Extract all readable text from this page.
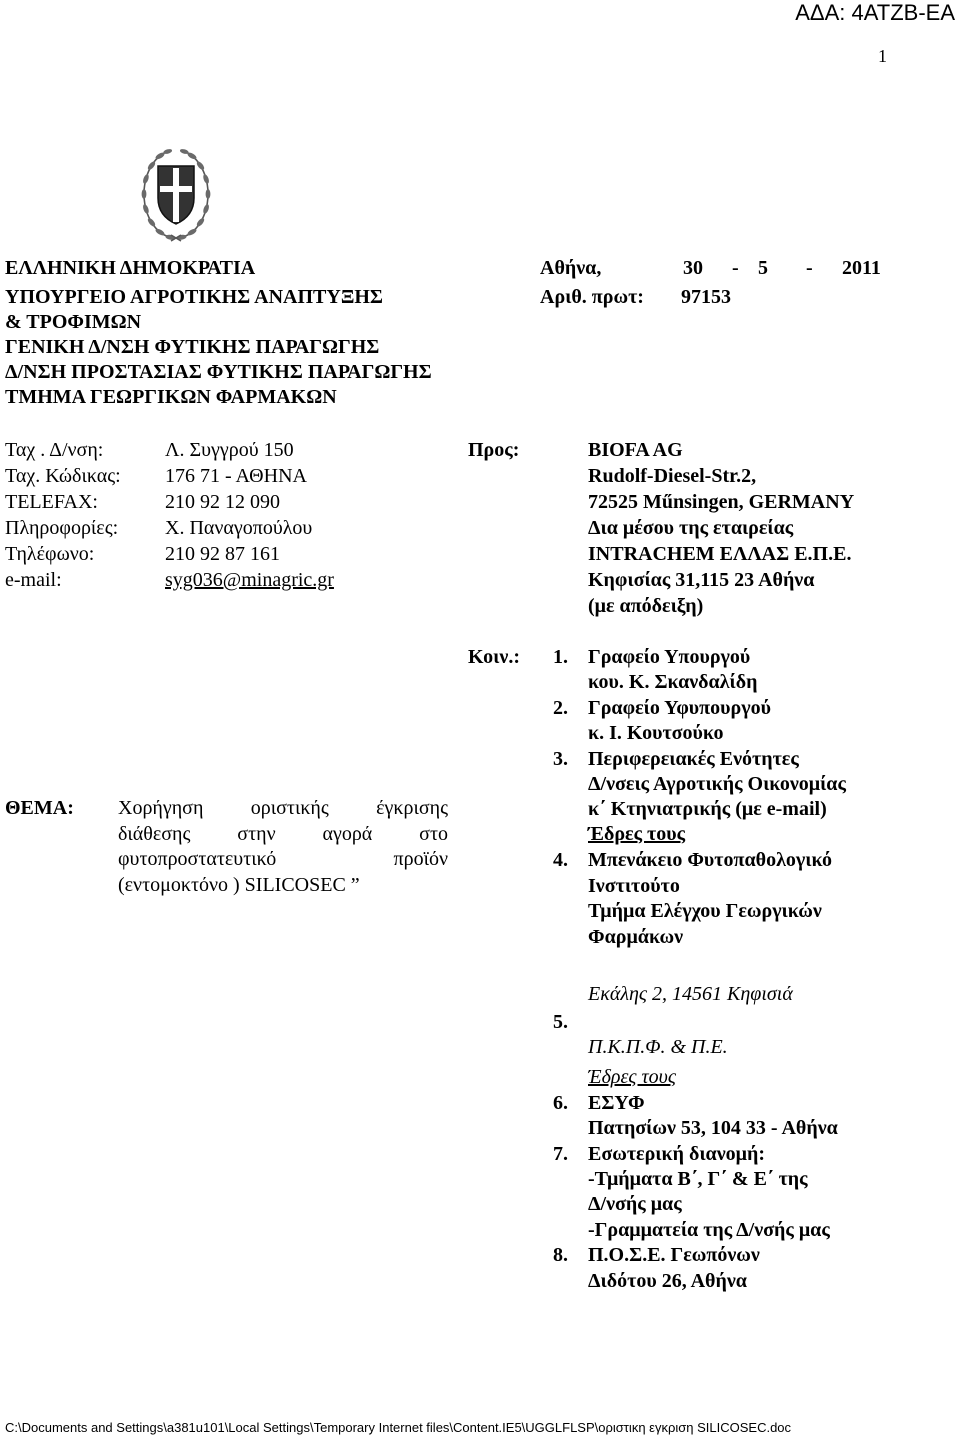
ΑΔΑ: 4ΑΤΖΒ-ΕΑ
1
ΕΛΛΗΝΙΚΗ ΔΗΜΟΚΡΑΤΙΑ
ΥΠΟΥΡΓΕΙΟ ΑΓΡΟΤΙΚΗΣ ΑΝΑΠΤΥΞΗΣ
& ΤΡΟΦΙΜΩΝ
ΓΕΝΙΚΗ Δ/ΝΣΗ ΦΥΤΙΚΗΣ ΠΑΡΑΓΩΓΗΣ
Δ/ΝΣΗ ΠΡΟΣΤΑΣΙΑΣ ΦΥΤΙΚΗΣ ΠΑΡΑΓΩΓΗΣ
ΤΜΗΜΑ ΓΕΩΡΓΙΚΩΝ ΦΑΡΜΑΚΩΝ
Αθήνα,	30 - 5 - 2011
Αριθ. πρωτ: 97153
Ταχ . Δ/νση:	Λ. Συγγρού 150
Ταχ. Κώδικας: 176 71 - ΑΘΗΝΑ
TELEFAX:	210 92 12 090
Πληροφορίες: Χ. Παναγοπούλου
Τηλέφωνο:	210 92 87 161
e-mail:	syg036@minagric.gr
Προς:	BIOFA AG
Rudolf-Diesel-Str.2,
72525 Műnsingen, GERMANY
Δια μέσου της εταιρείας
INTRACHEM ΕΛΛΑΣ Ε.Π.Ε.
Κηφισίας 31,115 23 Αθήνα
(με απόδειξη)
ΘΕΜΑ: Χορήγηση οριστικής έγκρισης
διάθεσης στην αγορά στο
φυτοπροστατευτικό προϊόν
(εντομοκτόνο ) SILICOSEC ”
Κοιν.: 1. Γραφείο Υπουργού
κου. Κ. Σκανδαλίδη
2. Γραφείο Υφυπουργού
κ. Ι. Κουτσούκο
3. Περιφερειακές Ενότητες
Δ/νσεις Αγροτικής Οικονομίας
κ΄ Κτηνιατρικής (με e-mail)
Έδρες τους
4. Μπενάκειο Φυτοπαθολογικό
Ινστιτούτο
Τμήμα Ελέγχου Γεωργικών
Φαρμάκων
Εκάλης 2, 14561 Κηφισιά
5.
Π.Κ.Π.Φ. & Π.Ε.
Έδρες τους
6. ΕΣΥΦ
Πατησίων 53, 104 33 - Αθήνα
7. Εσωτερική διανομή:
-Τμήματα Β΄, Γ΄ & Ε΄ της
Δ/νσής μας
-Γραμματεία της Δ/νσής μας
8. Π.Ο.Σ.Ε. Γεωπόνων
Διδότου 26, Αθήνα
C:\Documents and Settings\a381u101\Local Settings\Temporary Internet files\Content.IE5\UGGLFLSP\οριστικη εγκριση SILICOSEC.doc
